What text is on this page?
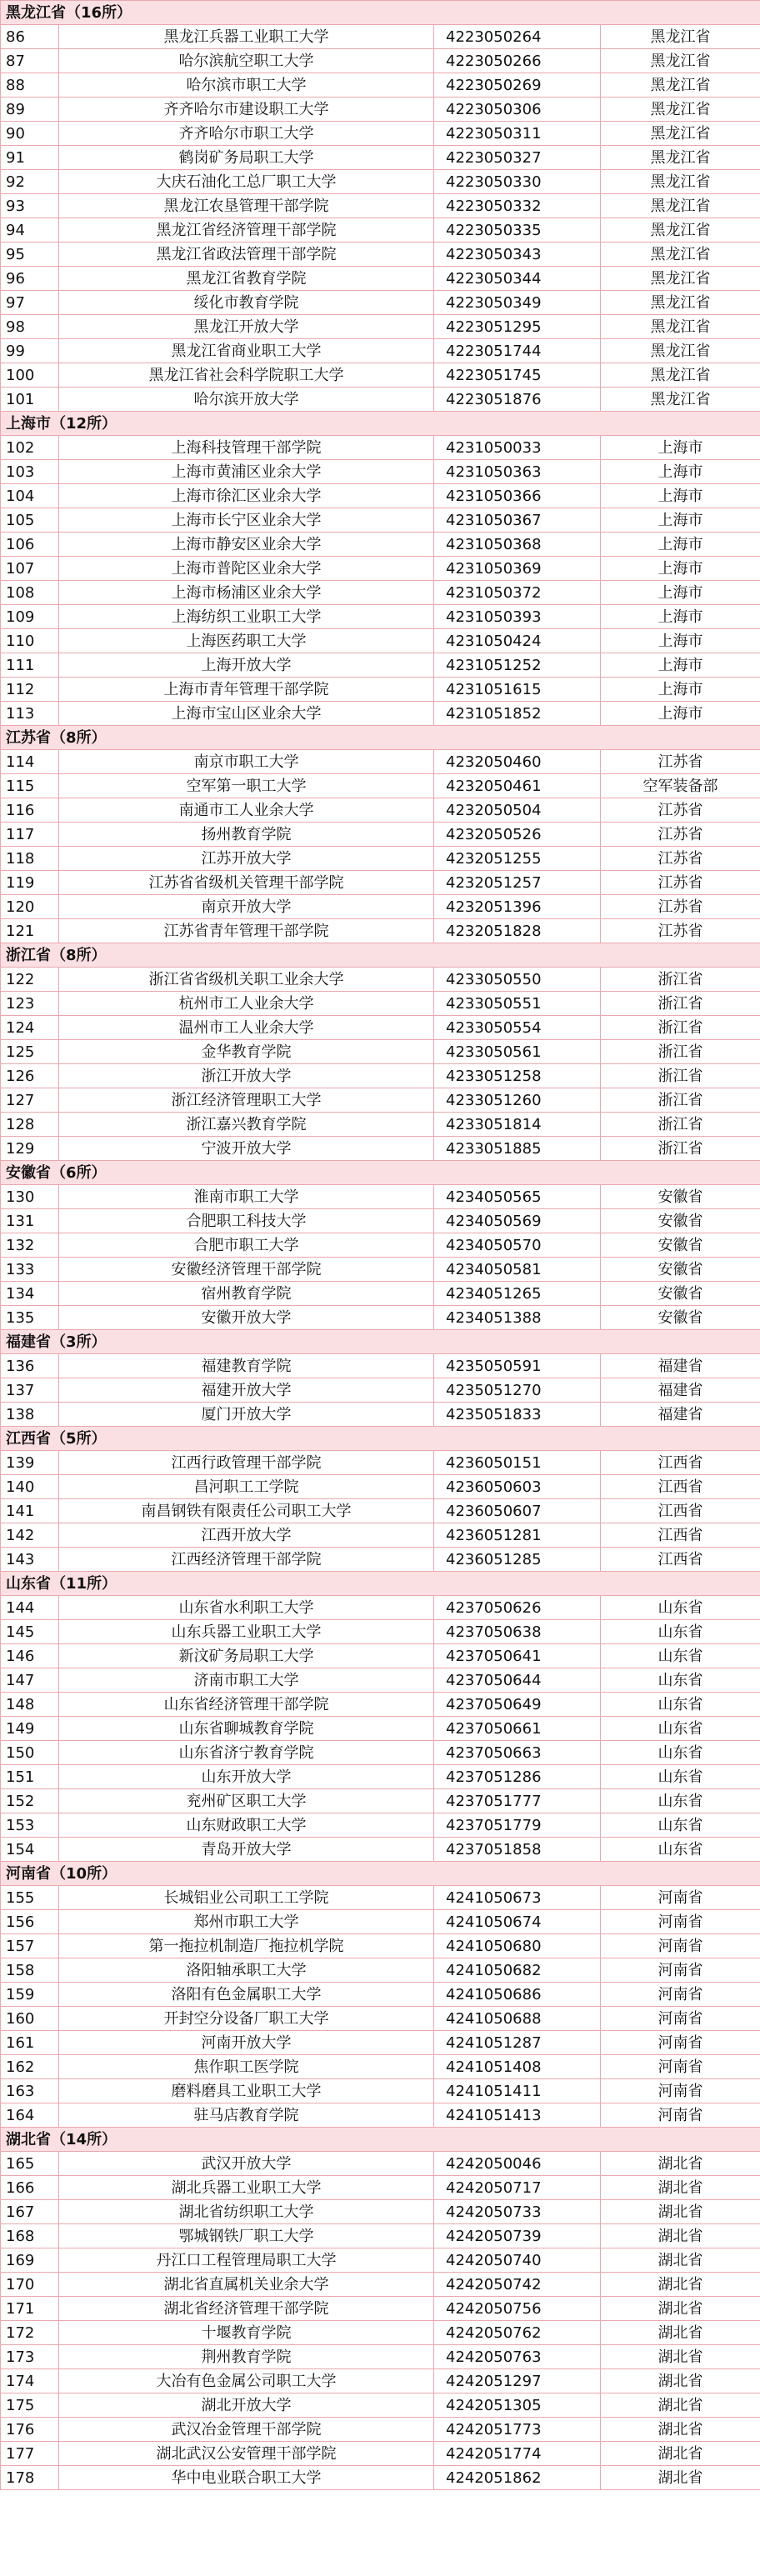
黑龙江省（16所）			
86	黑龙江兵器工业职工大学	4223050264	黑龙江省
87	哈尔滨航空职工大学	4223050266	黑龙江省
88	哈尔滨市职工大学	4223050269	黑龙江省
89	齐齐哈尔市建设职工大学	4223050306	黑龙江省
90	齐齐哈尔市职工大学	4223050311	黑龙江省
91	鹤岗矿务局职工大学	4223050327	黑龙江省
92	大庆石油化工总厂职工大学	4223050330	黑龙江省
93	黑龙江农垦管理干部学院	4223050332	黑龙江省
94	黑龙江省经济管理干部学院	4223050335	黑龙江省
95	黑龙江省政法管理干部学院	4223050343	黑龙江省
96	黑龙江省教育学院	4223050344	黑龙江省
97	绥化市教育学院	4223050349	黑龙江省
98	黑龙江开放大学	4223051295	黑龙江省
99	黑龙江省商业职工大学	4223051744	黑龙江省
100	黑龙江省社会科学院职工大学	4223051745	黑龙江省
101	哈尔滨开放大学	4223051876	黑龙江省
上海市（12所）			
102	上海科技管理干部学院	4231050033	上海市
103	上海市黄浦区业余大学	4231050363	上海市
104	上海市徐汇区业余大学	4231050366	上海市
105	上海市长宁区业余大学	4231050367	上海市
106	上海市静安区业余大学	4231050368	上海市
107	上海市普陀区业余大学	4231050369	上海市
108	上海市杨浦区业余大学	4231050372	上海市
109	上海纺织工业职工大学	4231050393	上海市
110	上海医药职工大学	4231050424	上海市
111	上海开放大学	4231051252	上海市
112	上海市青年管理干部学院	4231051615	上海市
113	上海市宝山区业余大学	4231051852	上海市
江苏省（8所）			
114	南京市职工大学	4232050460	江苏省
115	空军第一职工大学	4232050461	空军装备部
116	南通市工人业余大学	4232050504	江苏省
117	扬州教育学院	4232050526	江苏省
118	江苏开放大学	4232051255	江苏省
119	江苏省省级机关管理干部学院	4232051257	江苏省
120	南京开放大学	4232051396	江苏省
121	江苏省青年管理干部学院	4232051828	江苏省
浙江省（8所）			
122	浙江省省级机关职工业余大学	4233050550	浙江省
123	杭州市工人业余大学	4233050551	浙江省
124	温州市工人业余大学	4233050554	浙江省
125	金华教育学院	4233050561	浙江省
126	浙江开放大学	4233051258	浙江省
127	浙江经济管理职工大学	4233051260	浙江省
128	浙江嘉兴教育学院	4233051814	浙江省
129	宁波开放大学	4233051885	浙江省
安徽省（6所）			
130	淮南市职工大学	4234050565	安徽省
131	合肥职工科技大学	4234050569	安徽省
132	合肥市职工大学	4234050570	安徽省
133	安徽经济管理干部学院	4234050581	安徽省
134	宿州教育学院	4234051265	安徽省
135	安徽开放大学	4234051388	安徽省
福建省（3所）			
136	福建教育学院	4235050591	福建省
137	福建开放大学	4235051270	福建省
138	厦门开放大学	4235051833	福建省
江西省（5所）			
139	江西行政管理干部学院	4236050151	江西省
140	昌河职工工学院	4236050603	江西省
141	南昌钢铁有限责任公司职工大学	4236050607	江西省
142	江西开放大学	4236051281	江西省
143	江西经济管理干部学院	4236051285	江西省
山东省（11所）			
144	山东省水利职工大学	4237050626	山东省
145	山东兵器工业职工大学	4237050638	山东省
146	新汶矿务局职工大学	4237050641	山东省
147	济南市职工大学	4237050644	山东省
148	山东省经济管理干部学院	4237050649	山东省
149	山东省聊城教育学院	4237050661	山东省
150	山东省济宁教育学院	4237050663	山东省
151	山东开放大学	4237051286	山东省
152	兖州矿区职工大学	4237051777	山东省
153	山东财政职工大学	4237051779	山东省
154	青岛开放大学	4237051858	山东省
河南省（10所）			
155	长城铝业公司职工工学院	4241050673	河南省
156	郑州市职工大学	4241050674	河南省
157	第一拖拉机制造厂拖拉机学院	4241050680	河南省
158	洛阳轴承职工大学	4241050682	河南省
159	洛阳有色金属职工大学	4241050686	河南省
160	开封空分设备厂职工大学	4241050688	河南省
161	河南开放大学	4241051287	河南省
162	焦作职工医学院	4241051408	河南省
163	磨料磨具工业职工大学	4241051411	河南省
164	驻马店教育学院	4241051413	河南省
湖北省（14所）			
165	武汉开放大学	4242050046	湖北省
166	湖北兵器工业职工大学	4242050717	湖北省
167	湖北省纺织职工大学	4242050733	湖北省
168	鄂城钢铁厂职工大学	4242050739	湖北省
169	丹江口工程管理局职工大学	4242050740	湖北省
170	湖北省直属机关业余大学	4242050742	湖北省
171	湖北省经济管理干部学院	4242050756	湖北省
172	十堰教育学院	4242050762	湖北省
173	荆州教育学院	4242050763	湖北省
174	大冶有色金属公司职工大学	4242051297	湖北省
175	湖北开放大学	4242051305	湖北省
176	武汉冶金管理干部学院	4242051773	湖北省
177	湖北武汉公安管理干部学院	4242051774	湖北省
178	华中电业联合职工大学	4242051862	湖北省
